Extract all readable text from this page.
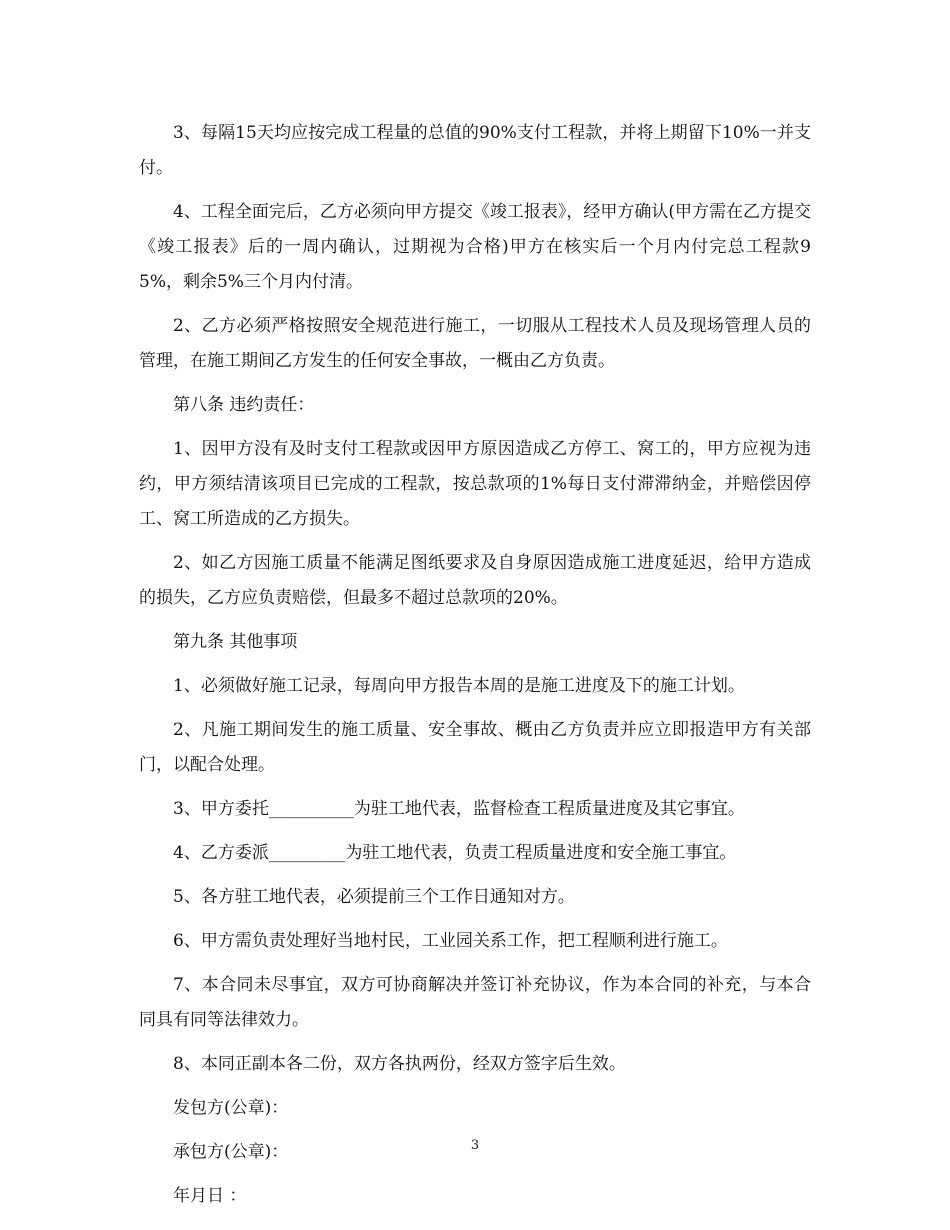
3、每隔15天均应按完成工程量的总值的90%支付工程款，并将上期留下10%一并支付。

4、工程全面完后，乙方必须向甲方提交《竣工报表》，经甲方确认(甲方需在乙方提交《竣工报表》后的一周内确认，过期视为合格)甲方在核实后一个月内付完总工程款95%，剩余5%三个月内付清。

2、乙方必须严格按照安全规范进行施工，一切服从工程技术人员及现场管理人员的管理，在施工期间乙方发生的任何安全事故，一概由乙方负责。

第八条 违约责任：

1、因甲方没有及时支付工程款或因甲方原因造成乙方停工、窝工的，甲方应视为违约，甲方须结清该项目已完成的工程款，按总款项的1%每日支付滞滞纳金，并赔偿因停工、窝工所造成的乙方损失。

2、如乙方因施工质量不能满足图纸要求及自身原因造成施工进度延迟，给甲方造成的损失，乙方应负责赔偿，但最多不超过总款项的20%。

第九条 其他事项

1、必须做好施工记录，每周向甲方报告本周的是施工进度及下的施工计划。

2、凡施工期间发生的施工质量、安全事故、概由乙方负责并应立即报造甲方有关部门，以配合处理。

3、甲方委托__________为驻工地代表，监督检查工程质量进度及其它事宜。

4、乙方委派_________为驻工地代表，负责工程质量进度和安全施工事宜。

5、各方驻工地代表，必须提前三个工作日通知对方。

6、甲方需负责处理好当地村民，工业园关系工作，把工程顺利进行施工。

7、本合同未尽事宜，双方可协商解决并签订补充协议，作为本合同的补充，与本合同具有同等法律效力。

8、本同正副本各二份，双方各执两份，经双方签字后生效。

发包方(公章)：

承包方(公章)：

年月日 ：

3
